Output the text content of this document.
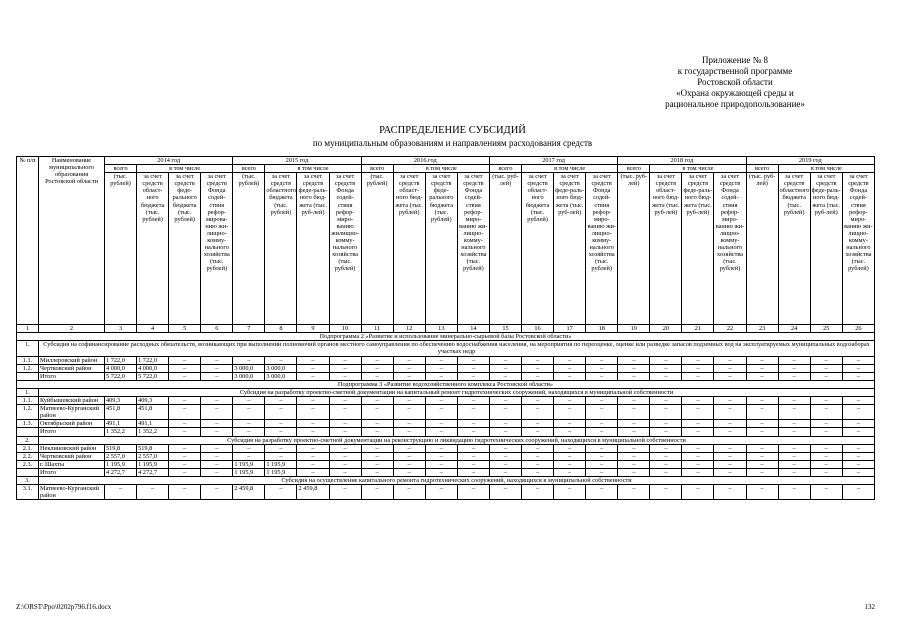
Приложение № 8
к государственной программе
Ростовской области
«Охрана окружающей среды и
рациональное природопользование»
РАСПРЕДЕЛЕНИЕ СУБСИДИЙ
по муниципальным образованиям и направлениям расходования средств
№ п/п	Наименование муниципального образования Ростовской области	2014 год				2015 год				2016 год				2017 год				2018 год				2019 год			
		всего	в том числе			всего	в том числе			всего	в том числе			всего	в том числе			всего	в том числе			всего	в том числе		
		(тыс. рублей)	за счет средств област-ного бюджета (тыс. рублей)	за счет средств феде-рального бюджета (тыс. рублей)	за счет средств Фонда содей-ствия рефор-мирова-нию жи-лищно-комму-нального хозяйства (тыс. рублей)	(тыс. рублей)	за счет средств областного бюджета (тыс. рублей)	за счет средств феде-раль-ного бюд-жета (тыс. руб-лей)	за счет средств Фонда содей-ствия рефор-миро-ванию жилищно-комму-нального хозяйства (тыс. рублей)	(тыс. рублей)	за счет средств област-ного бюд-жета (тыс. рублей)	за счет средств феде-рального бюджета (тыс. рублей)	за счет средств Фонда содей-ствия рефор-миро-ванию жи-лищно-комму-нального хозяйства (тыс. рублей)	(тыс. руб-лей)	за счет средств област-ного бюджета (тыс. рублей)	за счет средств феде-раль-ного бюд-жета (тыс. руб-лей)	за счет средств Фонда содей-ствия рефор-миро-ванию жи-лищно-комму-нального хозяйства (тыс. рублей)	(тыс. руб-лей)	за счет средств област-ного бюд-жета (тыс. руб-лей)	за счет средств феде-раль-ного бюд-жета (тыс. руб-лей)	за счет средств Фонда содей-ствия рефор-миро-ванию жи-лищно-комму-нального хозяйства (тыс. рублей)	(тыс. руб-лей)	за счет средств областного бюджета (тыс. рублей)	за счет средств феде-раль-ного бюд-жета (тыс. руб-лей)	за счет средств Фонда содей-ствия рефор-миро-ванию жи-лищно-комму-нального хозяйства (тыс. рублей)
1	2	3	4	5	6	7	8	9	10	11	12	13	14	15	16	17	18	19	20	21	22	23	24	25	26
Подпрограмма 2 «Развитие и использование минерально-сырьевой базы Ростовской области»																									
1.	Субсидия на софинансирование расходных обязательств, возникающих при выполнении полномочий органов местного самоуправления по обеспечению водоснабжения населения, на мероприятия по переоценке, оценке или разведке запасов подземных вод на эксплуатируемых муниципальных водозаборах участках недр																								
1.1.	Миллеровский район	1 722,0	1 722,0	–	–	–	–	–	–	–	–	–	–	–	–	–	–	–	–	–	–	–	–	–	–
1.2.	Чертковский район	4 000,0	4 000,0	–	–	3 000,0	3 000,0	–	–	–	–	–	–	–	–	–	–	–	–	–	–	–	–	–	–
	Итого	5 722,0	5 722,0	–	–	3 000,0	3 000,0	–	–	–	–	–	–	–	–	–	–	–	–	–	–	–	–	–	–
Подпрограмма 3 «Развитие водохозяйственного комплекса Ростовской области»																									
1.	Субсидия на разработку проектно-сметной документации на капитальный ремонт гидротехнических сооружений, находящихся в муниципальной собственности																								
1.1.	Куйбышевский район	409,3	409,3	–	–	–	–	–	–	–	–	–	–	–	–	–	–	–	–	–	–	–	–	–	–
1.2.	Матвеево-Курганский район	451,8	451,8	–	–	–	–	–	–	–	–	–	–	–	–	–	–	–	–	–	–	–	–	–	–
1.3.	Октябрьский район	491,1	491,1	–	–	–	–	–	–	–	–	–	–	–	–	–	–	–	–	–	–	–	–	–	–
	Итого	1 352,2	1 352,2	–	–	–	–	–	–	–	–	–	–	–	–	–	–	–	–	–	–	–	–	–	–
2.	Субсидия на разработку проектно-сметной документации на реконструкцию и ликвидацию гидротехнических сооружений, находящихся в муниципальной собственности																								
2.1.	Неклиновский район	519,8	519,8	–	–	–	–	–	–	–	–	–	–	–	–	–	–	–	–	–	–	–	–	–	–
2.2.	Чертковский район	2 557,0	2 557,0	–	–	–	–	–	–	–	–	–	–	–	–	–	–	–	–	–	–	–	–	–	–
2.3.	г. Шахты	1 195,9	1 195,9	–	–	1 195,9	1 195,9	–	–	–	–	–	–	–	–	–	–	–	–	–	–	–	–	–	–
	Итого	4 272,7	4 272,7	–	–	1 195,9	1 195,9	–	–	–	–	–	–	–	–	–	–	–	–	–	–	–	–	–	–
3.	Субсидия на осуществление капитального ремонта гидротехнических сооружений, находящихся в муниципальной собственности																								
3.1.	Матвеево-Курганский район	–	–	–	–	2 459,8	–	2 459,8	–	–	–	–	–	–	–	–	–	–	–	–	–	–	–	–	–
Z:\ORST\Ppo\0202p796.f16.docx	132
